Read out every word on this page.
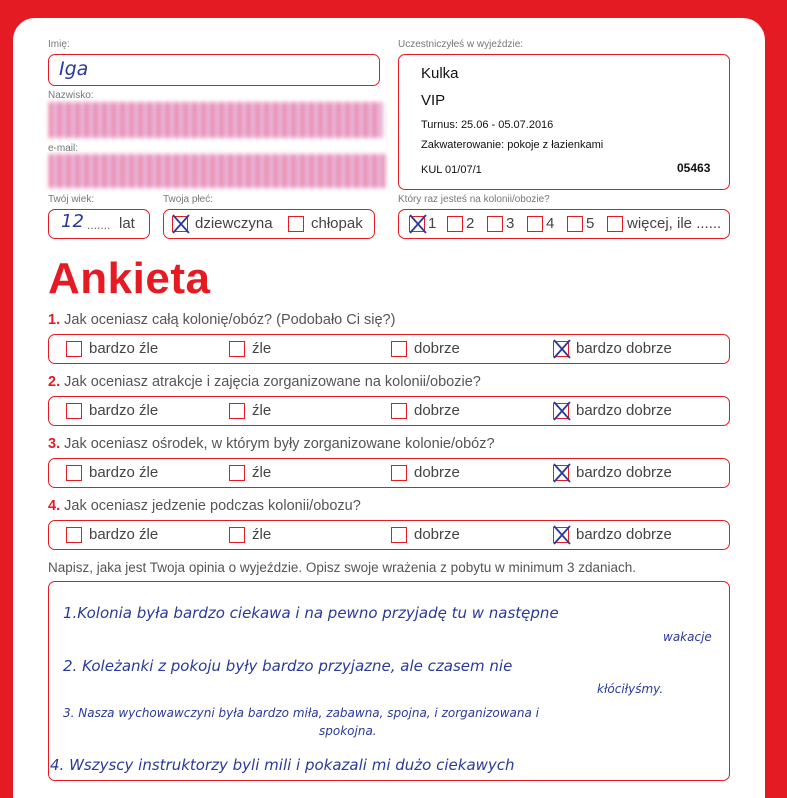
Imię:
Iga
Nazwisko:
e-mail:
Uczestniczyłeś w wyjeździe:
Kulka
VIP
Turnus: 25.06 - 05.07.2016
Zakwaterowanie: pokoje z łazienkami
KUL 01/07/1	05463
Twój wiek:
12 ....... lat
Twoja płeć:
dziewczyna	chłopak
Który raz jesteś na kolonii/obozie?
1 2 3 4 5 więcej, ile ......
Ankieta
1. Jak oceniasz całą kolonię/obóz? (Podobało Ci się?)
bardzo źle	źle	dobrze	bardzo dobrze
2. Jak oceniasz atrakcje i zajęcia zorganizowane na kolonii/obozie?
bardzo źle	źle	dobrze	bardzo dobrze
3. Jak oceniasz ośrodek, w którym były zorganizowane kolonie/obóz?
bardzo źle	źle	dobrze	bardzo dobrze
4. Jak oceniasz jedzenie podczas kolonii/obozu?
bardzo źle	źle	dobrze	bardzo dobrze
Napisz, jaka jest Twoja opinia o wyjeździe. Opisz swoje wrażenia z pobytu w minimum 3 zdaniach.
1.Kolonia była bardzo ciekawa i na pewno przyjadę tu w następne
wakacje
2. Koleżanki z pokoju były bardzo przyjazne, ale czasem nie
kłóciłyśmy.
3. Nasza wychowawczyni była bardzo miła, zabawna, spojna, i zorganizowana i
spokojna.
4. Wszyscy instruktorzy byli mili i pokazali mi dużo ciekawych
